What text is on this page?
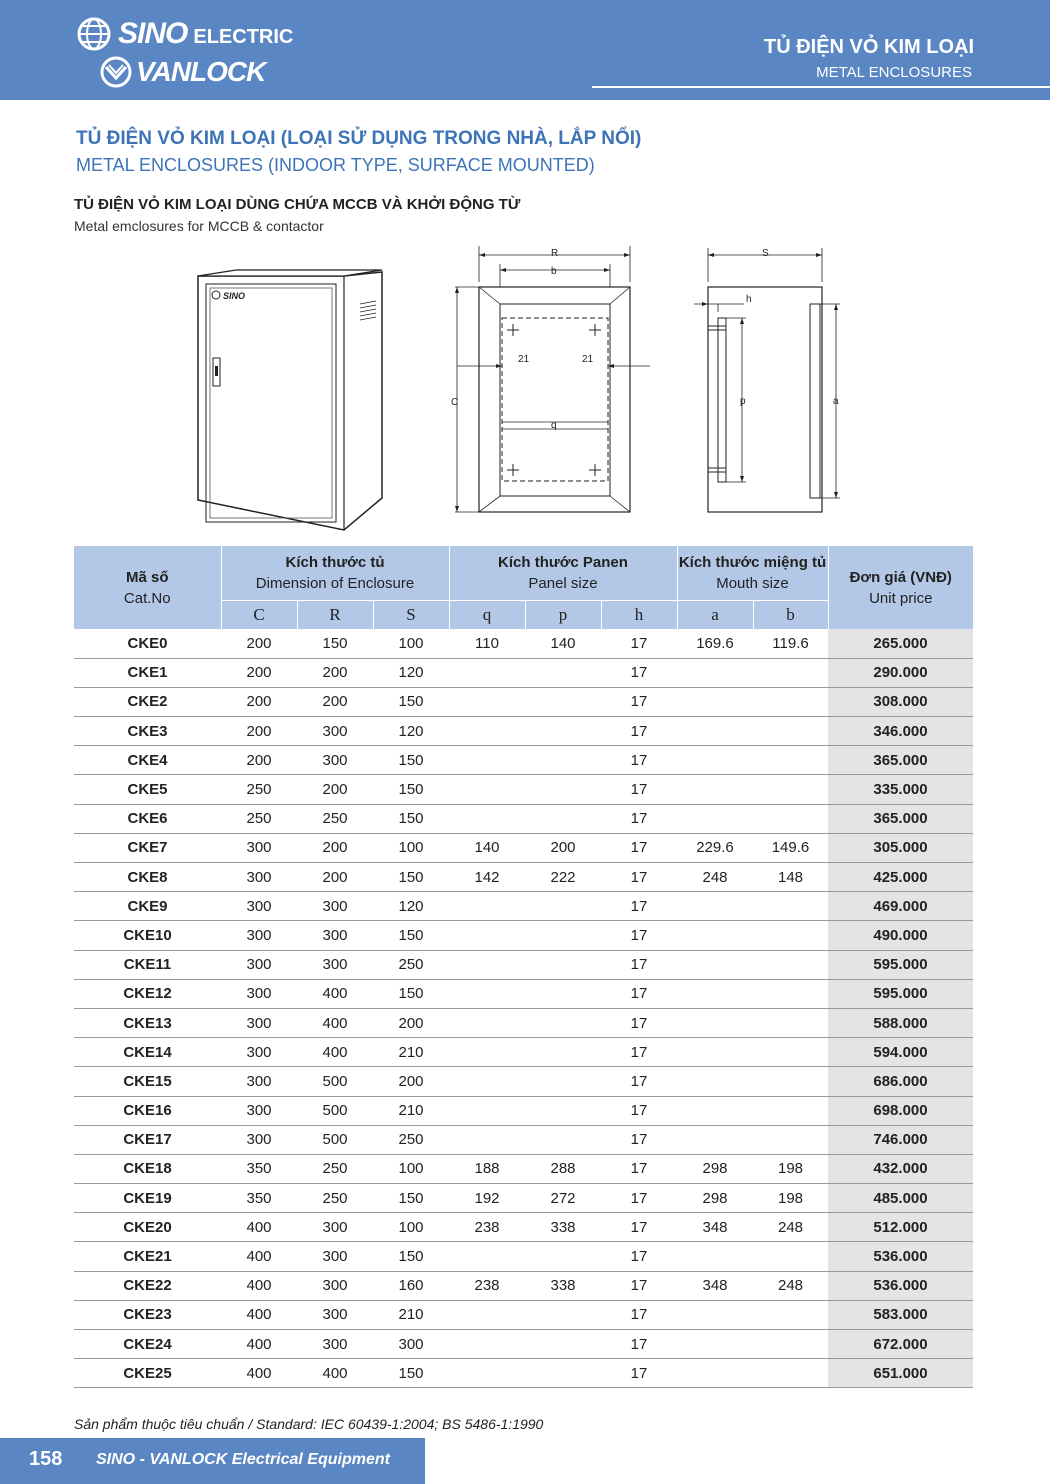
SINO ELECTRIC
VANLOCK
TỦ ĐIỆN VỎ KIM LOẠI
METAL ENCLOSURES
TỦ ĐIỆN VỎ KIM LOẠI (LOẠI SỬ DỤNG TRONG NHÀ, LẮP NỔI)
METAL ENCLOSURES (INDOOR TYPE, SURFACE MOUNTED)
TỦ ĐIỆN VỎ KIM LOẠI DÙNG CHỨA MCCB VÀ KHỞI ĐỘNG TỪ
Metal emclosures for MCCB & contactor
SINO
R
b
21	21
C
q
S
h
p	a
Mã số
Cat.No	Kích thước tủ
Dimension of Enclosure			Kích thước Panen
Panel size			Kích thước miệng tủ
Mouth size		Đơn giá (VNĐ)
Unit price
	C	R	S	q	p	h	a	b	
CKE0	200	150	100	110	140	17	169.6	119.6	265.000
CKE1	200	200	120			17			290.000
CKE2	200	200	150			17			308.000
CKE3	200	300	120			17			346.000
CKE4	200	300	150			17			365.000
CKE5	250	200	150			17			335.000
CKE6	250	250	150			17			365.000
CKE7	300	200	100	140	200	17	229.6	149.6	305.000
CKE8	300	200	150	142	222	17	248	148	425.000
CKE9	300	300	120			17			469.000
CKE10	300	300	150			17			490.000
CKE11	300	300	250			17			595.000
CKE12	300	400	150			17			595.000
CKE13	300	400	200			17			588.000
CKE14	300	400	210			17			594.000
CKE15	300	500	200			17			686.000
CKE16	300	500	210			17			698.000
CKE17	300	500	250			17			746.000
CKE18	350	250	100	188	288	17	298	198	432.000
CKE19	350	250	150	192	272	17	298	198	485.000
CKE20	400	300	100	238	338	17	348	248	512.000
CKE21	400	300	150			17			536.000
CKE22	400	300	160	238	338	17	348	248	536.000
CKE23	400	300	210			17			583.000
CKE24	400	300	300			17			672.000
CKE25	400	400	150			17			651.000
Sản phẩm thuộc tiêu chuẩn / Standard: IEC 60439-1:2004; BS 5486-1:1990
158 SINO - VANLOCK Electrical Equipment
